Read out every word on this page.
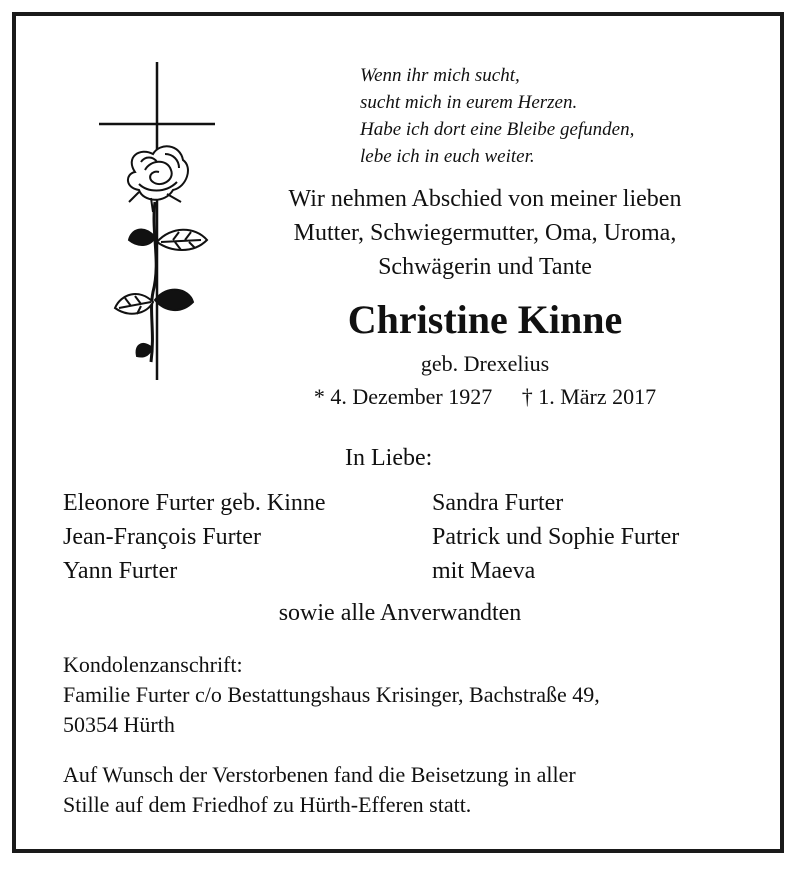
Wenn ihr mich sucht,
sucht mich in eurem Herzen.
Habe ich dort eine Bleibe gefunden,
lebe ich in euch weiter.
Wir nehmen Abschied von meiner lieben
Mutter, Schwiegermutter, Oma, Uroma,
Schwägerin und Tante
Christine Kinne
geb. Drexelius
* 4. Dezember 1927 † 1. März 2017
In Liebe:
Eleonore Furter geb. Kinne
Jean-François Furter
Yann Furter
Sandra Furter
Patrick und Sophie Furter
mit Maeva
sowie alle Anverwandten
Kondolenzanschrift:
Familie Furter c/o Bestattungshaus Krisinger, Bachstraße 49,
50354 Hürth
Auf Wunsch der Verstorbenen fand die Beisetzung in aller
Stille auf dem Friedhof zu Hürth-Efferen statt.
